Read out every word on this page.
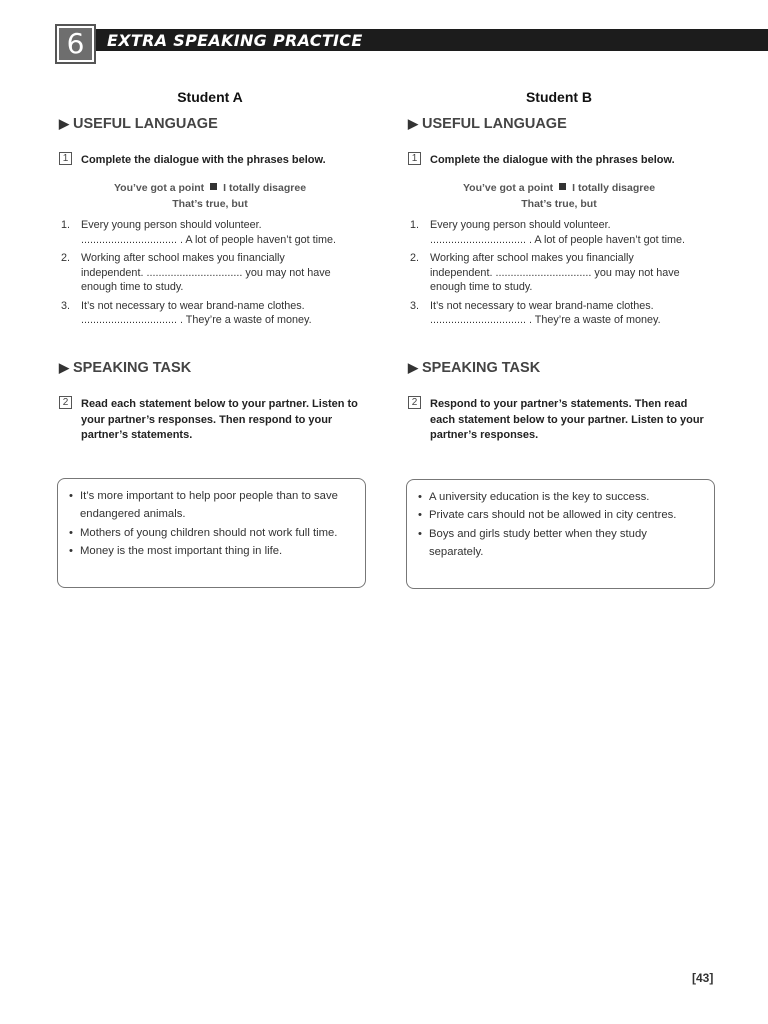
6	EXTRA SPEAKING PRACTICE
Student A
▶ USEFUL LANGUAGE
1	Complete the dialogue with the phrases below.
You’ve got a point I totally disagree
That’s true, but
1. Every young person should volunteer.
................................ . A lot of people haven’t got time.
2. Working after school makes you financially
independent. ................................ you may not have enough time to study.
3. It’s not necessary to wear brand-name clothes.
................................ . They’re a waste of money.
▶ SPEAKING TASK
2	Read each statement below to your partner. Listen to your partner’s responses. Then respond to your partner’s statements.
• It’s more important to help poor people than to save endangered animals.
• Mothers of young children should not work full time.
• Money is the most important thing in life.
Student B
▶ USEFUL LANGUAGE
1	Complete the dialogue with the phrases below.
You’ve got a point I totally disagree
That’s true, but
1. Every young person should volunteer.
................................ . A lot of people haven’t got time.
2. Working after school makes you financially
independent. ................................ you may not have enough time to study.
3. It’s not necessary to wear brand-name clothes.
................................ . They’re a waste of money.
▶ SPEAKING TASK
2	Respond to your partner’s statements. Then read each statement below to your partner. Listen to your partner’s responses.
• A university education is the key to success.
• Private cars should not be allowed in city centres.
• Boys and girls study better when they study separately.
[43]
